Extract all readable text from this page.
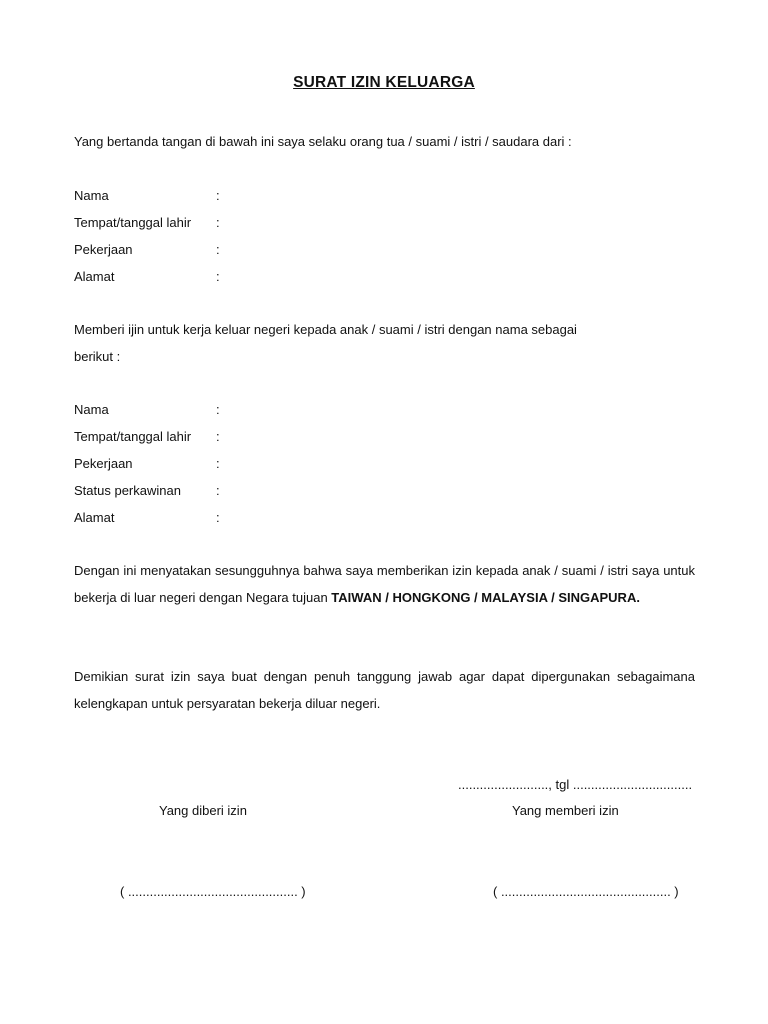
SURAT IZIN KELUARGA
Yang bertanda tangan di bawah ini saya selaku orang tua / suami / istri / saudara dari :
Nama	:
Tempat/tanggal lahir :
Pekerjaan	:
Alamat	:
Memberi ijin untuk kerja keluar negeri kepada anak / suami / istri dengan nama sebagai
berikut :
Nama	:
Tempat/tanggal lahir :
Pekerjaan	:
Status perkawinan	:
Alamat	:
Dengan ini menyatakan sesungguhnya bahwa saya memberikan izin kepada anak / suami / istri saya untuk bekerja di luar negeri dengan Negara tujuan TAIWAN / HONGKONG / MALAYSIA / SINGAPURA.
Demikian surat izin saya buat dengan penuh tanggung jawab agar dapat dipergunakan sebagaimana kelengkapan untuk persyaratan bekerja diluar negeri.
........................., tgl .................................
Yang diberi izin	Yang memberi izin
( ............................................... )	( ............................................... )
